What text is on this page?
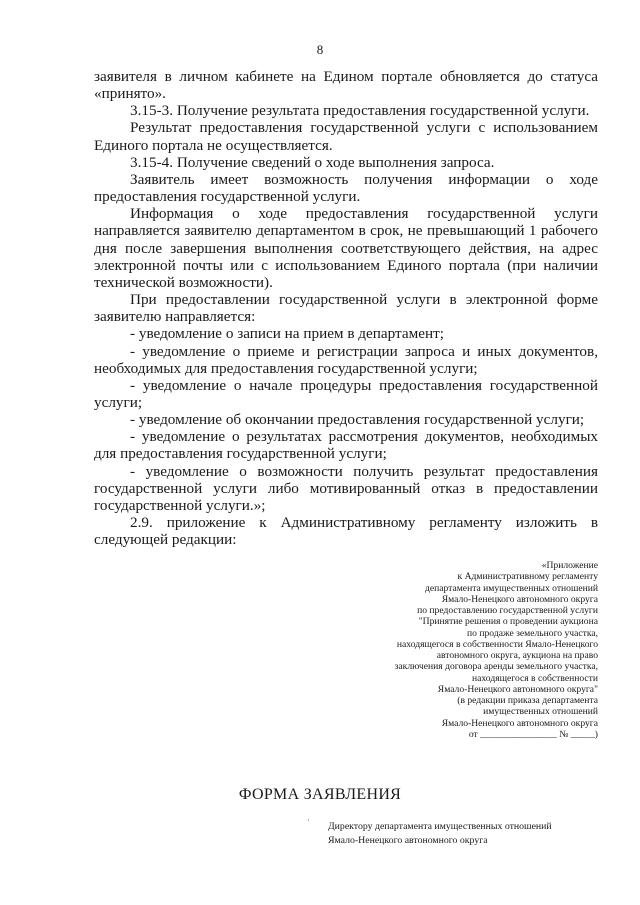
8

заявителя в личном кабинете на Едином портале обновляется до статуса «принято».

3.15-3. Получение результата предоставления государственной услуги.

Результат предоставления государственной услуги с использованием Единого портала не осуществляется.

3.15-4. Получение сведений о ходе выполнения запроса.

Заявитель имеет возможность получения информации о ходе предоставления государственной услуги.

Информация о ходе предоставления государственной услуги направляется заявителю департаментом в срок, не превышающий 1 рабочего дня после завершения выполнения соответствующего действия, на адрес электронной почты или с использованием Единого портала (при наличии технической возможности).

При предоставлении государственной услуги в электронной форме заявителю направляется:

- уведомление о записи на прием в департамент;

- уведомление о приеме и регистрации запроса и иных документов, необходимых для предоставления государственной услуги;

- уведомление о начале процедуры предоставления государственной услуги;

- уведомление об окончании предоставления государственной услуги;

- уведомление о результатах рассмотрения документов, необходимых для предоставления государственной услуги;

- уведомление о возможности получить результат предоставления государственной услуги либо мотивированный отказ в предоставлении государственной услуги.»;

2.9. приложение к Административному регламенту изложить в

следующей редакции:

«Приложение
к Административному регламенту
департамента имущественных отношений
Ямало-Ненецкого автономного округа
по предоставлению государственной услуги
"Принятие решения о проведении аукциона
по продаже земельного участка,
находящегося в собственности Ямало-Ненецкого
автономного округа, аукциона на право
заключения договора аренды земельного участка,
находящегося в собственности
Ямало-Ненецкого автономного округа"
(в редакции приказа департамента
имущественных отношений
Ямало-Ненецкого автономного округа
от ________________ № _____)
ФОРМА ЗАЯВЛЕНИЯ
·
Директору департамента имущественных отношений
Ямало-Ненецкого автономного округа
